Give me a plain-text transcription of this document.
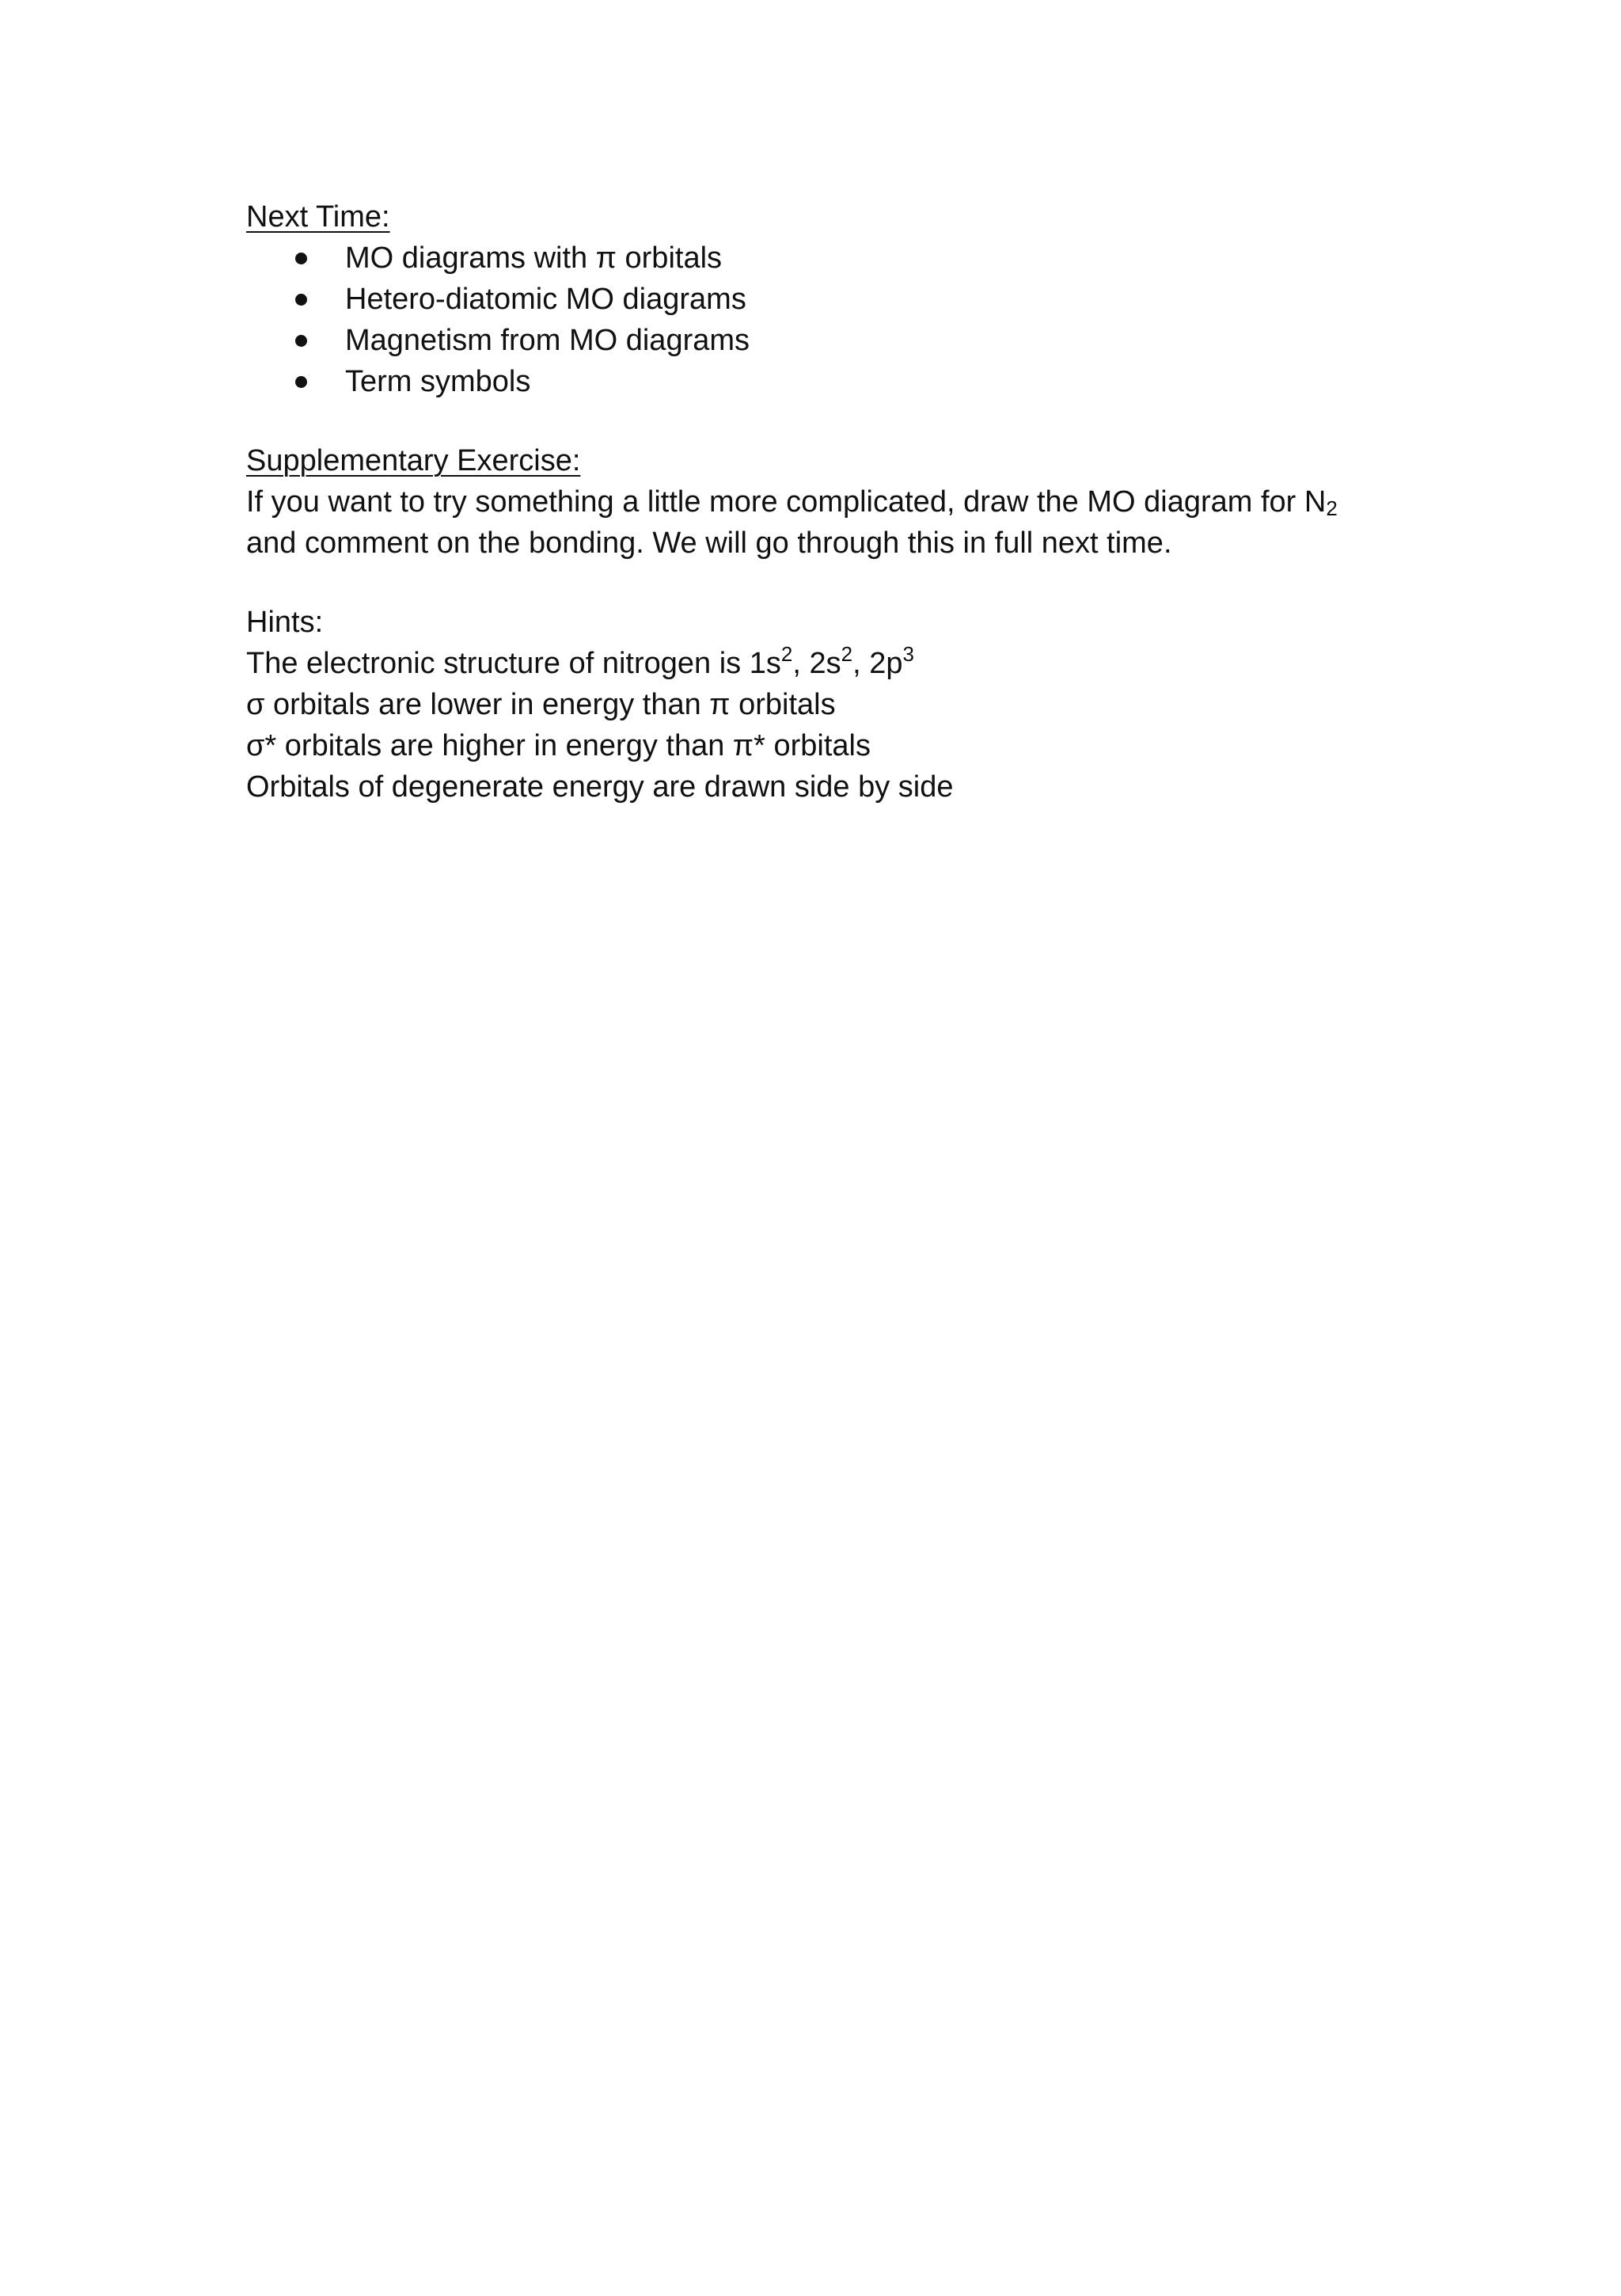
Next Time:
MO diagrams with π orbitals
Hetero-diatomic MO diagrams
Magnetism from MO diagrams
Term symbols
Supplementary Exercise:
If you want to try something a little more complicated, draw the MO diagram for $N_2$
and comment on the bonding. We will go through this in full next time.
Hints:
The electronic structure of nitrogen is $1s^2$, $2s^2$, $2p^3$
σ orbitals are lower in energy than π orbitals
σ* orbitals are higher in energy than π* orbitals
Orbitals of degenerate energy are drawn side by side
